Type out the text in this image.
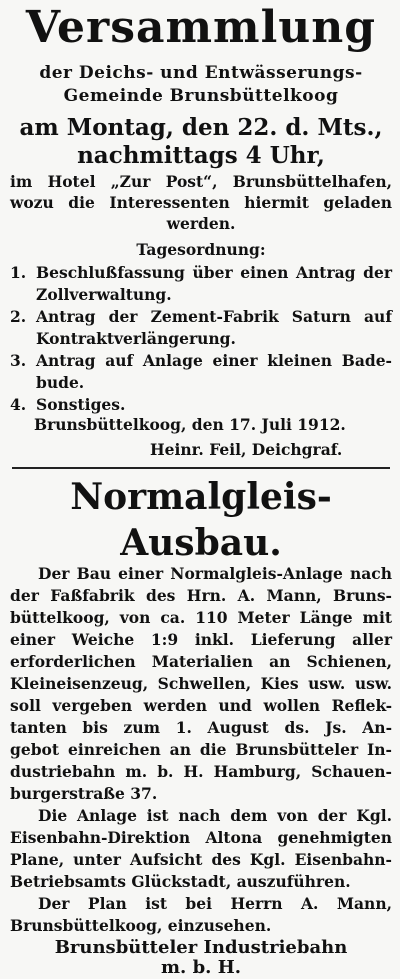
Versammlung
der Deichs- und Entwässerungs-
Gemeinde Brunsbüttelkoog
am Montag, den 22. d. Mts.,
nachmittags 4 Uhr,
im Hotel „Zur Post“, Brunsbüttelhafen,
wozu die Interessenten hiermit geladen
werden.
Tagesordnung:
1. Beschlußfassung über einen Antrag der
Zollverwaltung.
2. Antrag der Zement-Fabrik Saturn auf
Kontraktverlängerung.
3. Antrag auf Anlage einer kleinen Bade-
bude.
4. Sonstiges.
Brunsbüttelkoog, den 17. Juli 1912.
Heinr. Feil, Deichgraf.
Normalgleis-
Ausbau.
Der Bau einer Normalgleis-Anlage nach
der Faßfabrik des Hrn. A. Mann, Bruns-
büttelkoog, von ca. 110 Meter Länge mit
einer Weiche 1:9 inkl. Lieferung aller
erforderlichen Materialien an Schienen,
Kleineisenzeug, Schwellen, Kies usw. usw.
soll vergeben werden und wollen Reflek-
tanten bis zum 1. August ds. Js. An-
gebot einreichen an die Brunsbütteler In-
dustriebahn m. b. H. Hamburg, Schauen-
burgerstraße 37.
Die Anlage ist nach dem von der Kgl.
Eisenbahn-Direktion Altona genehmigten
Plane, unter Aufsicht des Kgl. Eisenbahn-
Betriebsamts Glückstadt, auszuführen.
Der Plan ist bei Herrn A. Mann,
Brunsbüttelkoog, einzusehen.
Brunsbütteler Industriebahn
m. b. H.
